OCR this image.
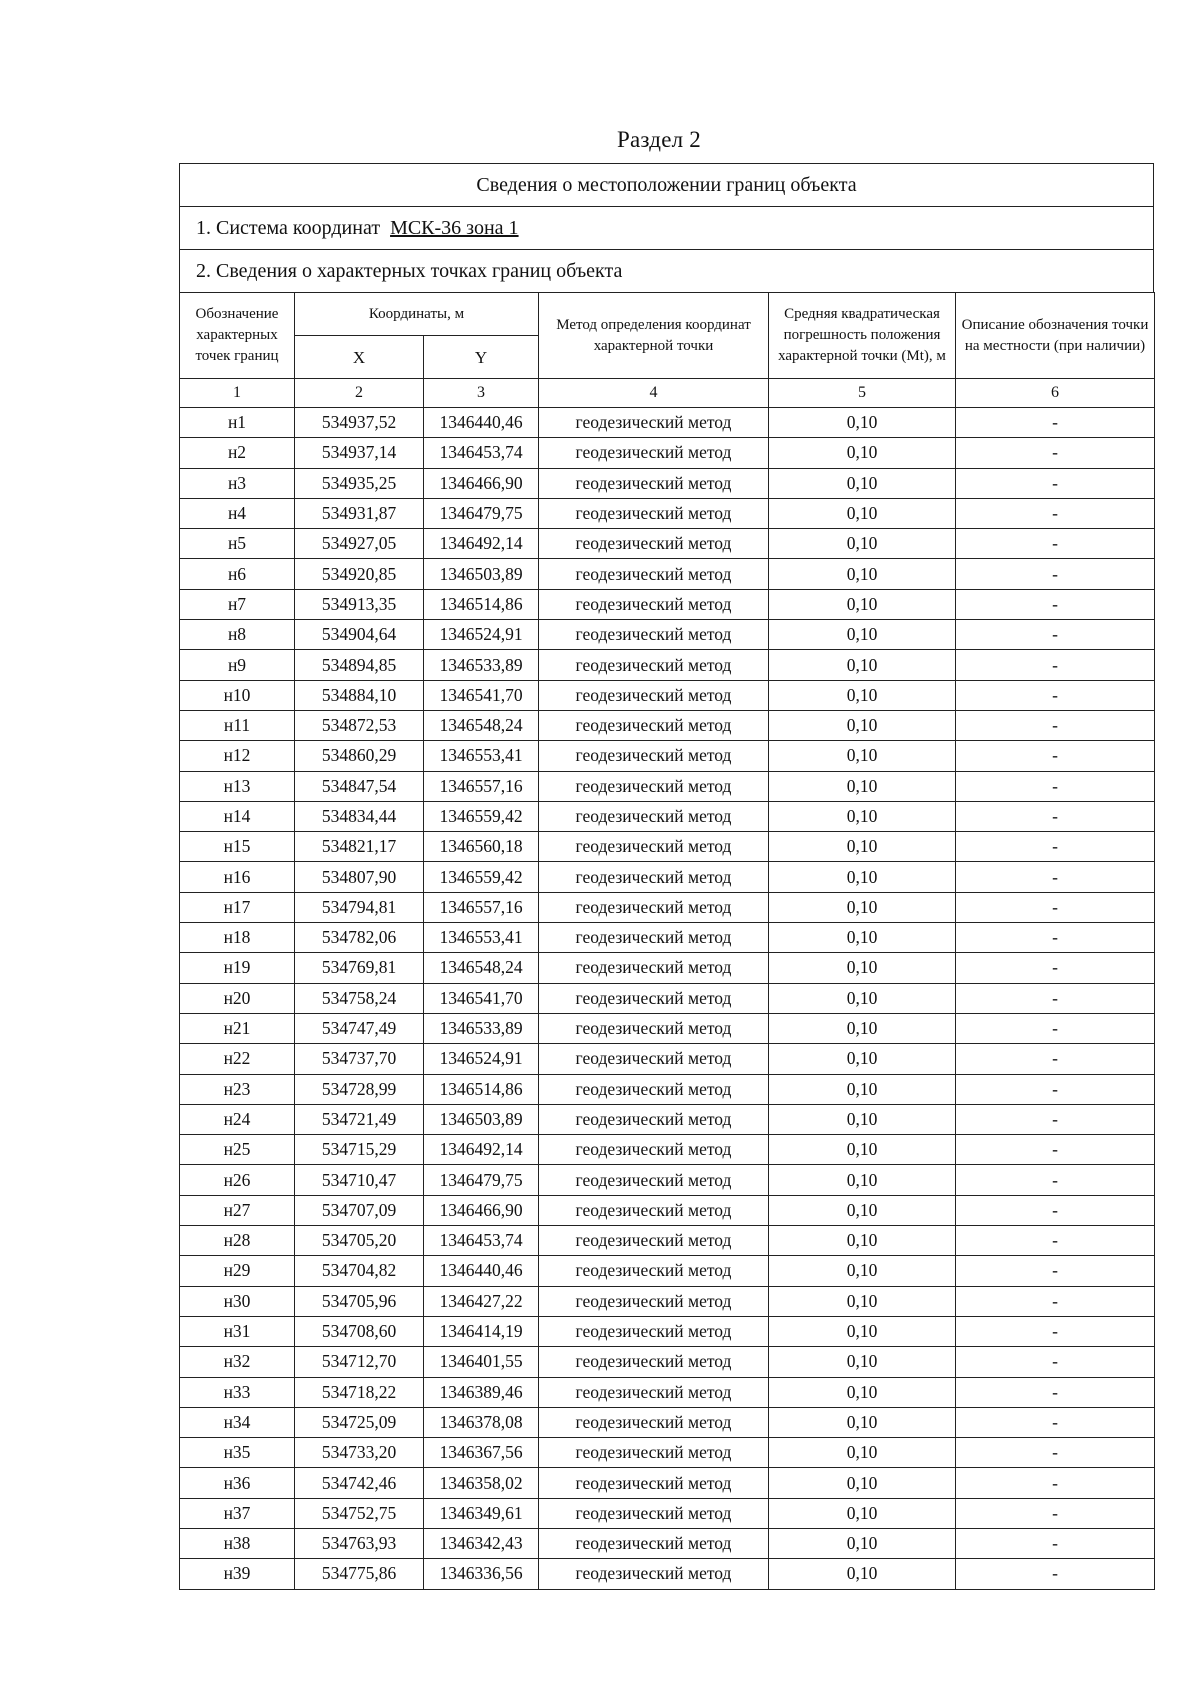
Раздел 2
Сведения о местоположении границ объекта
1. Система координат МСК-36 зона 1
2. Сведения о характерных точках границ объекта
Обозначение характерных точек границ	Координаты, м		Метод определения координат характерной точки	Средняя квадратическая погрешность положения характерной точки (Mt), м	Описание обозначения точки на местности (при наличии)
	X	Y			
1	2	3	4	5	6
н1	534937,52	1346440,46	геодезический метод	0,10	-
н2	534937,14	1346453,74	геодезический метод	0,10	-
н3	534935,25	1346466,90	геодезический метод	0,10	-
н4	534931,87	1346479,75	геодезический метод	0,10	-
н5	534927,05	1346492,14	геодезический метод	0,10	-
н6	534920,85	1346503,89	геодезический метод	0,10	-
н7	534913,35	1346514,86	геодезический метод	0,10	-
н8	534904,64	1346524,91	геодезический метод	0,10	-
н9	534894,85	1346533,89	геодезический метод	0,10	-
н10	534884,10	1346541,70	геодезический метод	0,10	-
н11	534872,53	1346548,24	геодезический метод	0,10	-
н12	534860,29	1346553,41	геодезический метод	0,10	-
н13	534847,54	1346557,16	геодезический метод	0,10	-
н14	534834,44	1346559,42	геодезический метод	0,10	-
н15	534821,17	1346560,18	геодезический метод	0,10	-
н16	534807,90	1346559,42	геодезический метод	0,10	-
н17	534794,81	1346557,16	геодезический метод	0,10	-
н18	534782,06	1346553,41	геодезический метод	0,10	-
н19	534769,81	1346548,24	геодезический метод	0,10	-
н20	534758,24	1346541,70	геодезический метод	0,10	-
н21	534747,49	1346533,89	геодезический метод	0,10	-
н22	534737,70	1346524,91	геодезический метод	0,10	-
н23	534728,99	1346514,86	геодезический метод	0,10	-
н24	534721,49	1346503,89	геодезический метод	0,10	-
н25	534715,29	1346492,14	геодезический метод	0,10	-
н26	534710,47	1346479,75	геодезический метод	0,10	-
н27	534707,09	1346466,90	геодезический метод	0,10	-
н28	534705,20	1346453,74	геодезический метод	0,10	-
н29	534704,82	1346440,46	геодезический метод	0,10	-
н30	534705,96	1346427,22	геодезический метод	0,10	-
н31	534708,60	1346414,19	геодезический метод	0,10	-
н32	534712,70	1346401,55	геодезический метод	0,10	-
н33	534718,22	1346389,46	геодезический метод	0,10	-
н34	534725,09	1346378,08	геодезический метод	0,10	-
н35	534733,20	1346367,56	геодезический метод	0,10	-
н36	534742,46	1346358,02	геодезический метод	0,10	-
н37	534752,75	1346349,61	геодезический метод	0,10	-
н38	534763,93	1346342,43	геодезический метод	0,10	-
н39	534775,86	1346336,56	геодезический метод	0,10	-
